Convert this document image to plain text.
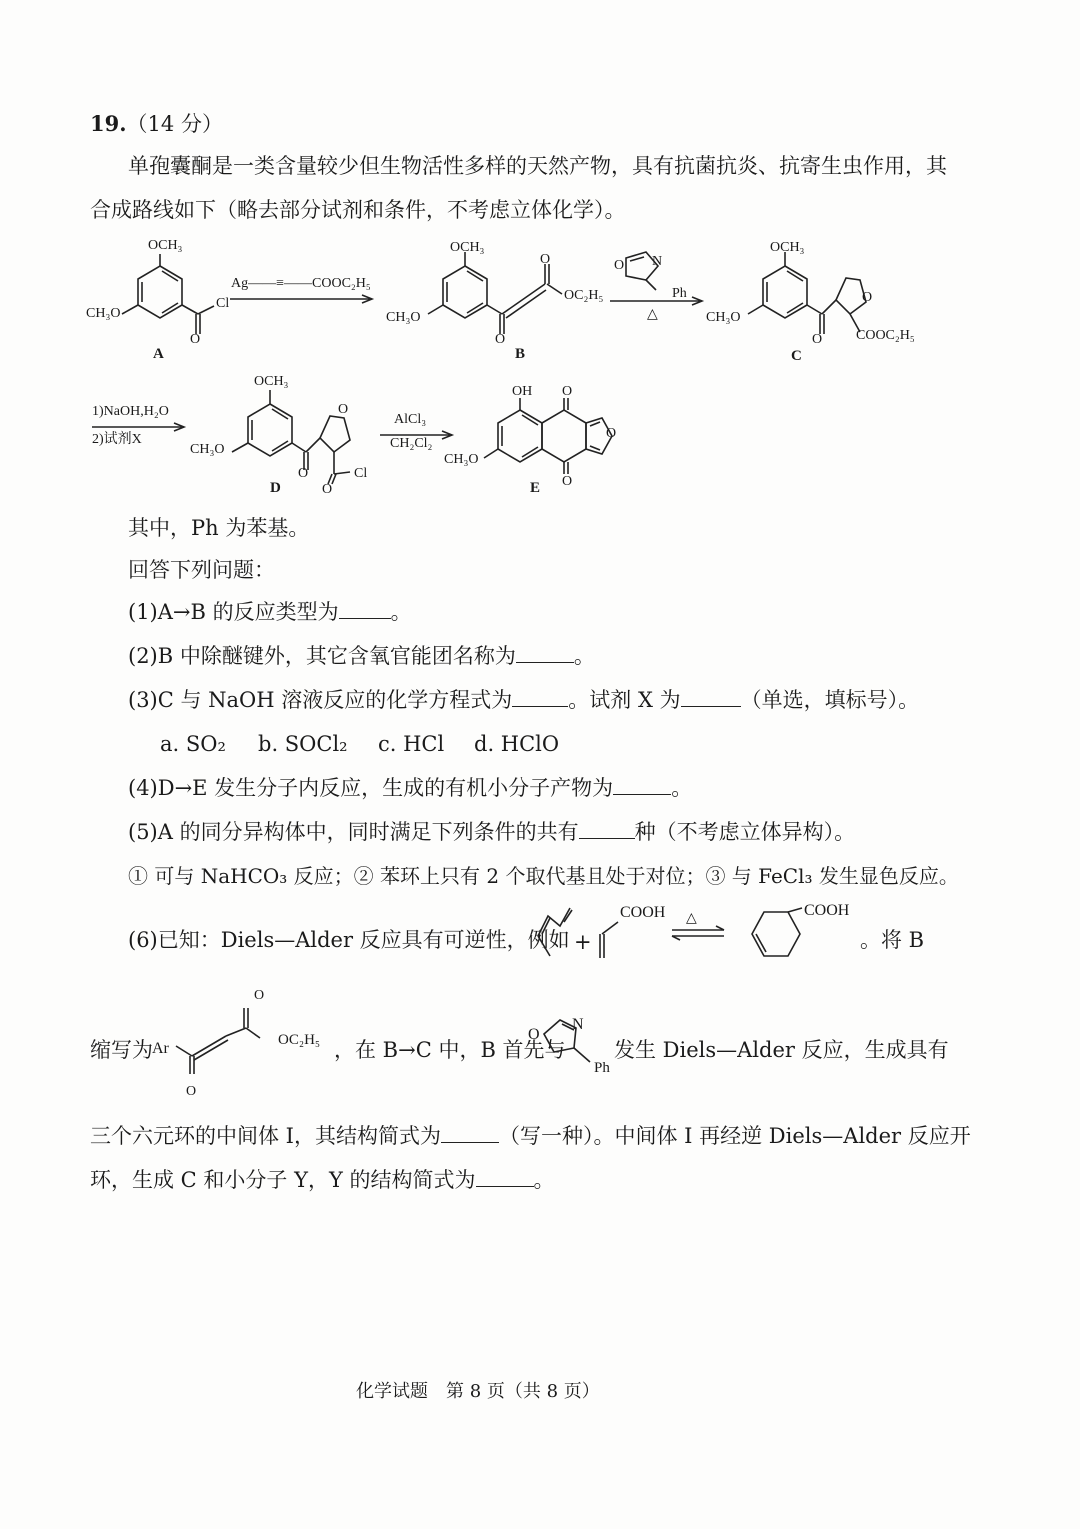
19.（14 分）
单孢囊酮是一类含量较少但生物活性多样的天然产物，具有抗菌抗炎、抗寄生虫作用，其
合成路线如下（略去部分试剂和条件，不考虑立体化学）。
OCH₃
CH₃O
Cl
O
A
Ag——≡——COOC₂H₅
OCH₃
CH₃O
O
OC₂H₅
O
B
O N
Ph
△
OCH₃
CH₃O
O
O COOC₂H₅
C
1)NaOH,H₂O
2)试剂X
OCH₃
CH₃O
O
O
O
Cl
D
AlCl₃
CH₂Cl₂
OH O
O
CH₃O
O
E
其中，Ph 为苯基。
回答下列问题：
(1)A→B 的反应类型为 。
(2)B 中除醚键外，其它含氧官能团名称为	。
(3)C 与 NaOH 溶液反应的化学方程式为	。试剂 X 为	（单选，填标号）。
a. SO₂ b. SOCl₂ c. HCl d. HClO
(4)D→E 发生分子内反应，生成的有机小分子产物为	。
(5)A 的同分异构体中，同时满足下列条件的共有	种（不考虑立体异构）。
① 可与 NaHCO₃ 反应；② 苯环上只有 2 个取代基且处于对位；③ 与 FeCl₃ 发生显色反应。
(6)已知：Diels—Alder 反应具有可逆性，例如 +
COOH △	COOH
。将 B
缩写为 Ar
O
OC₂H₅
O
，在 B→C 中，B 首先与
O
N
Ph
发生 Diels—Alder 反应，生成具有
三个六元环的中间体 I，其结构简式为	（写一种）。中间体 I 再经逆 Diels—Alder 反应开
环，生成 C 和小分子 Y，Y 的结构简式为	。
化学试题　第 8 页（共 8 页）
